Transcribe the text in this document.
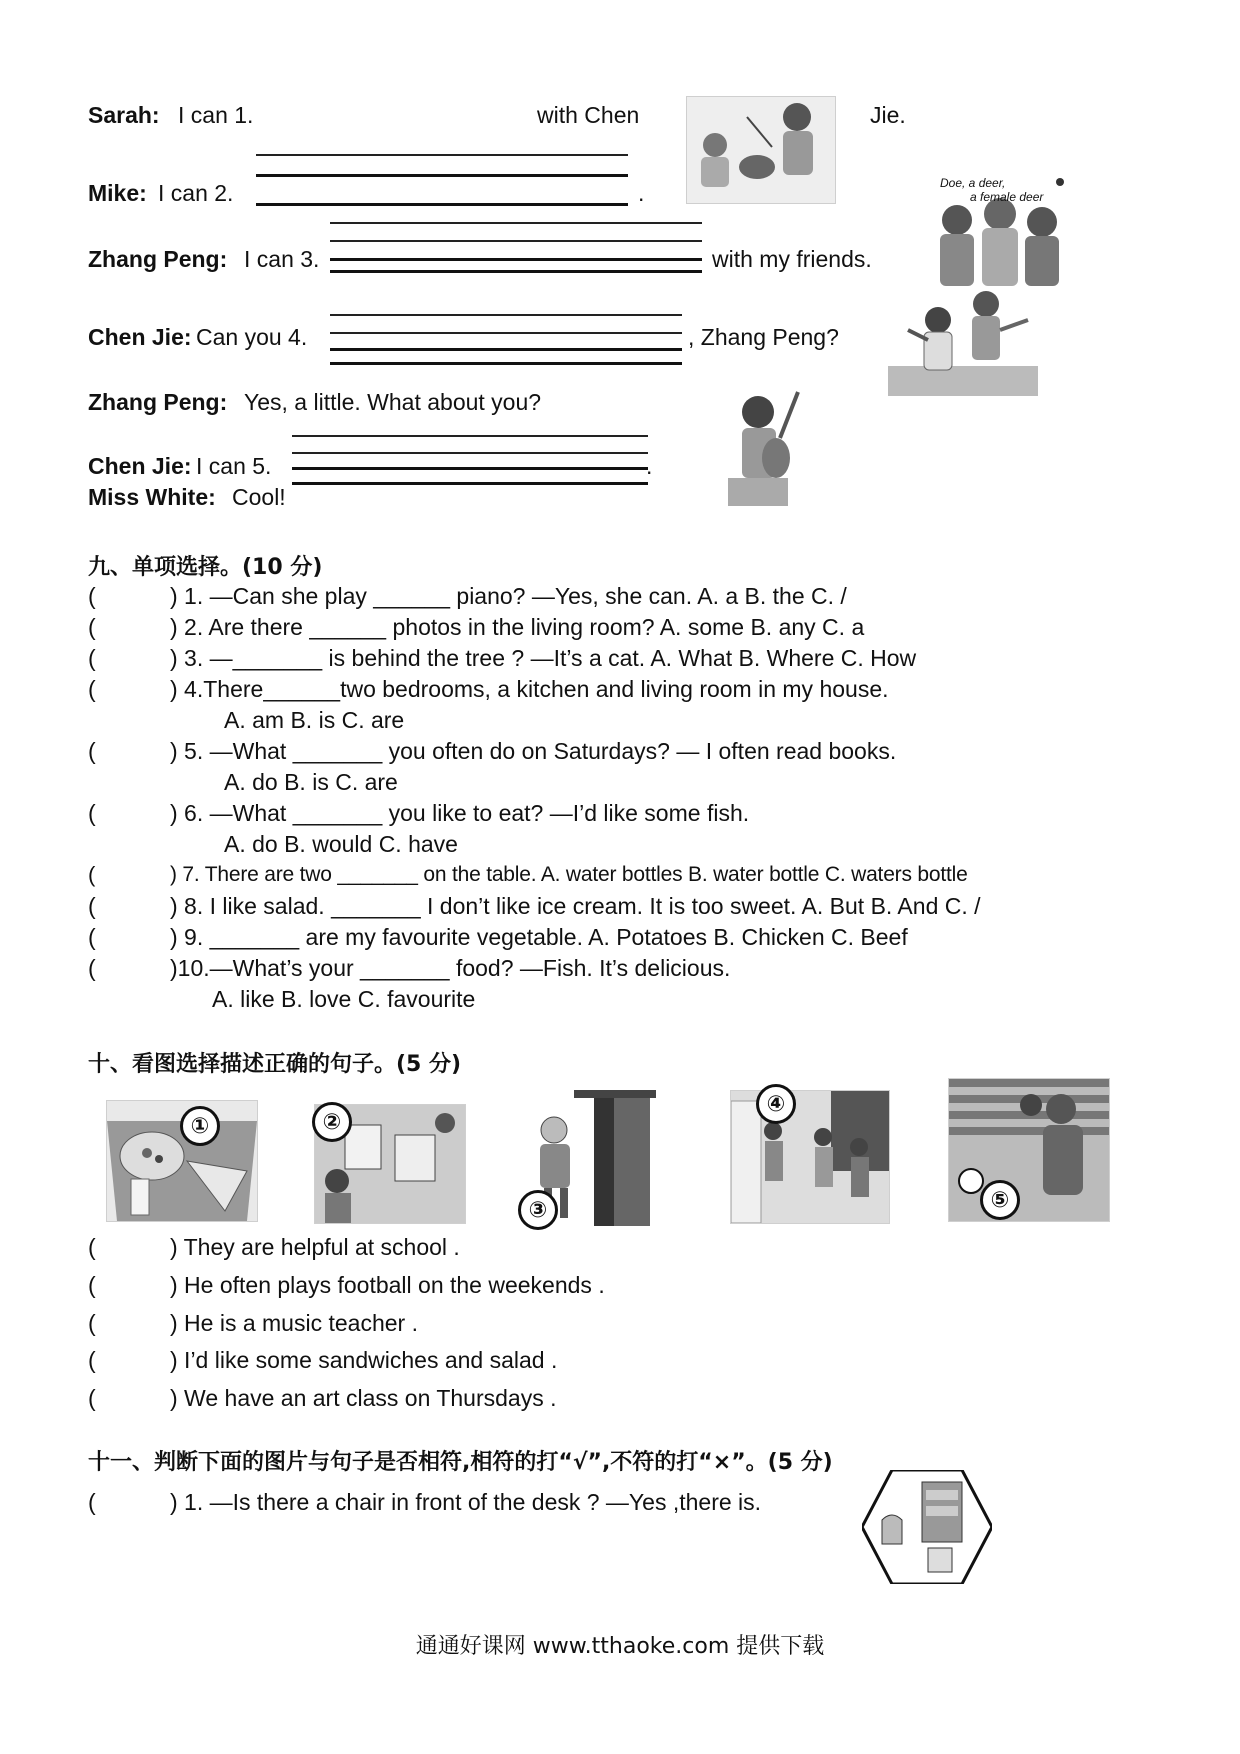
Sarah: I can 1.	with Chen	Jie.
Mike: I can 2.	.	Doe, a deer,
a female deer
Zhang Peng: I can 3.	with my friends.
Chen Jie: Can you 4.	, Zhang Peng?
Zhang Peng: Yes, a little. What about you?
Chen Jie: I can 5.	.
Miss White: Cool!
九、单项选择。(10 分)
(	) 1. —Can she play ______ piano? —Yes, she can. A. a B. the C. /
(	) 2. Are there ______ photos in the living room? A. some B. any C. a
(	) 3. —_______ is behind the tree ? —It’s a cat. A. What B. Where C. How
(	) 4.There______two bedrooms, a kitchen and living room in my house.
A. am B. is C. are
(	) 5. —What _______ you often do on Saturdays? — I often read books.
A. do B. is C. are
(	) 6. —What _______ you like to eat? —I’d like some fish.
A. do B. would C. have
(	) 7. There are two _______ on the table. A. water bottles B. water bottle C. waters bottle
(	) 8. I like salad. _______ I don’t like ice cream. It is too sweet. A. But B. And C. /
(	) 9. _______ are my favourite vegetable. A. Potatoes B. Chicken C. Beef
(	)10.—What’s your _______ food? —Fish. It’s delicious.
A. like B. love C. favourite
十、看图选择描述正确的句子。(5 分)
①	②
③
④
⑤
(	) They are helpful at school .
(	) He often plays football on the weekends .
(	) He is a music teacher .
(	) I’d like some sandwiches and salad .
(	) We have an art class on Thursdays .
十一、判断下面的图片与句子是否相符,相符的打“√”,不符的打“×”。(5 分)
(	) 1. —Is there a chair in front of the desk ? —Yes ,there is.
通通好课网 www.tthaoke.com 提供下载
